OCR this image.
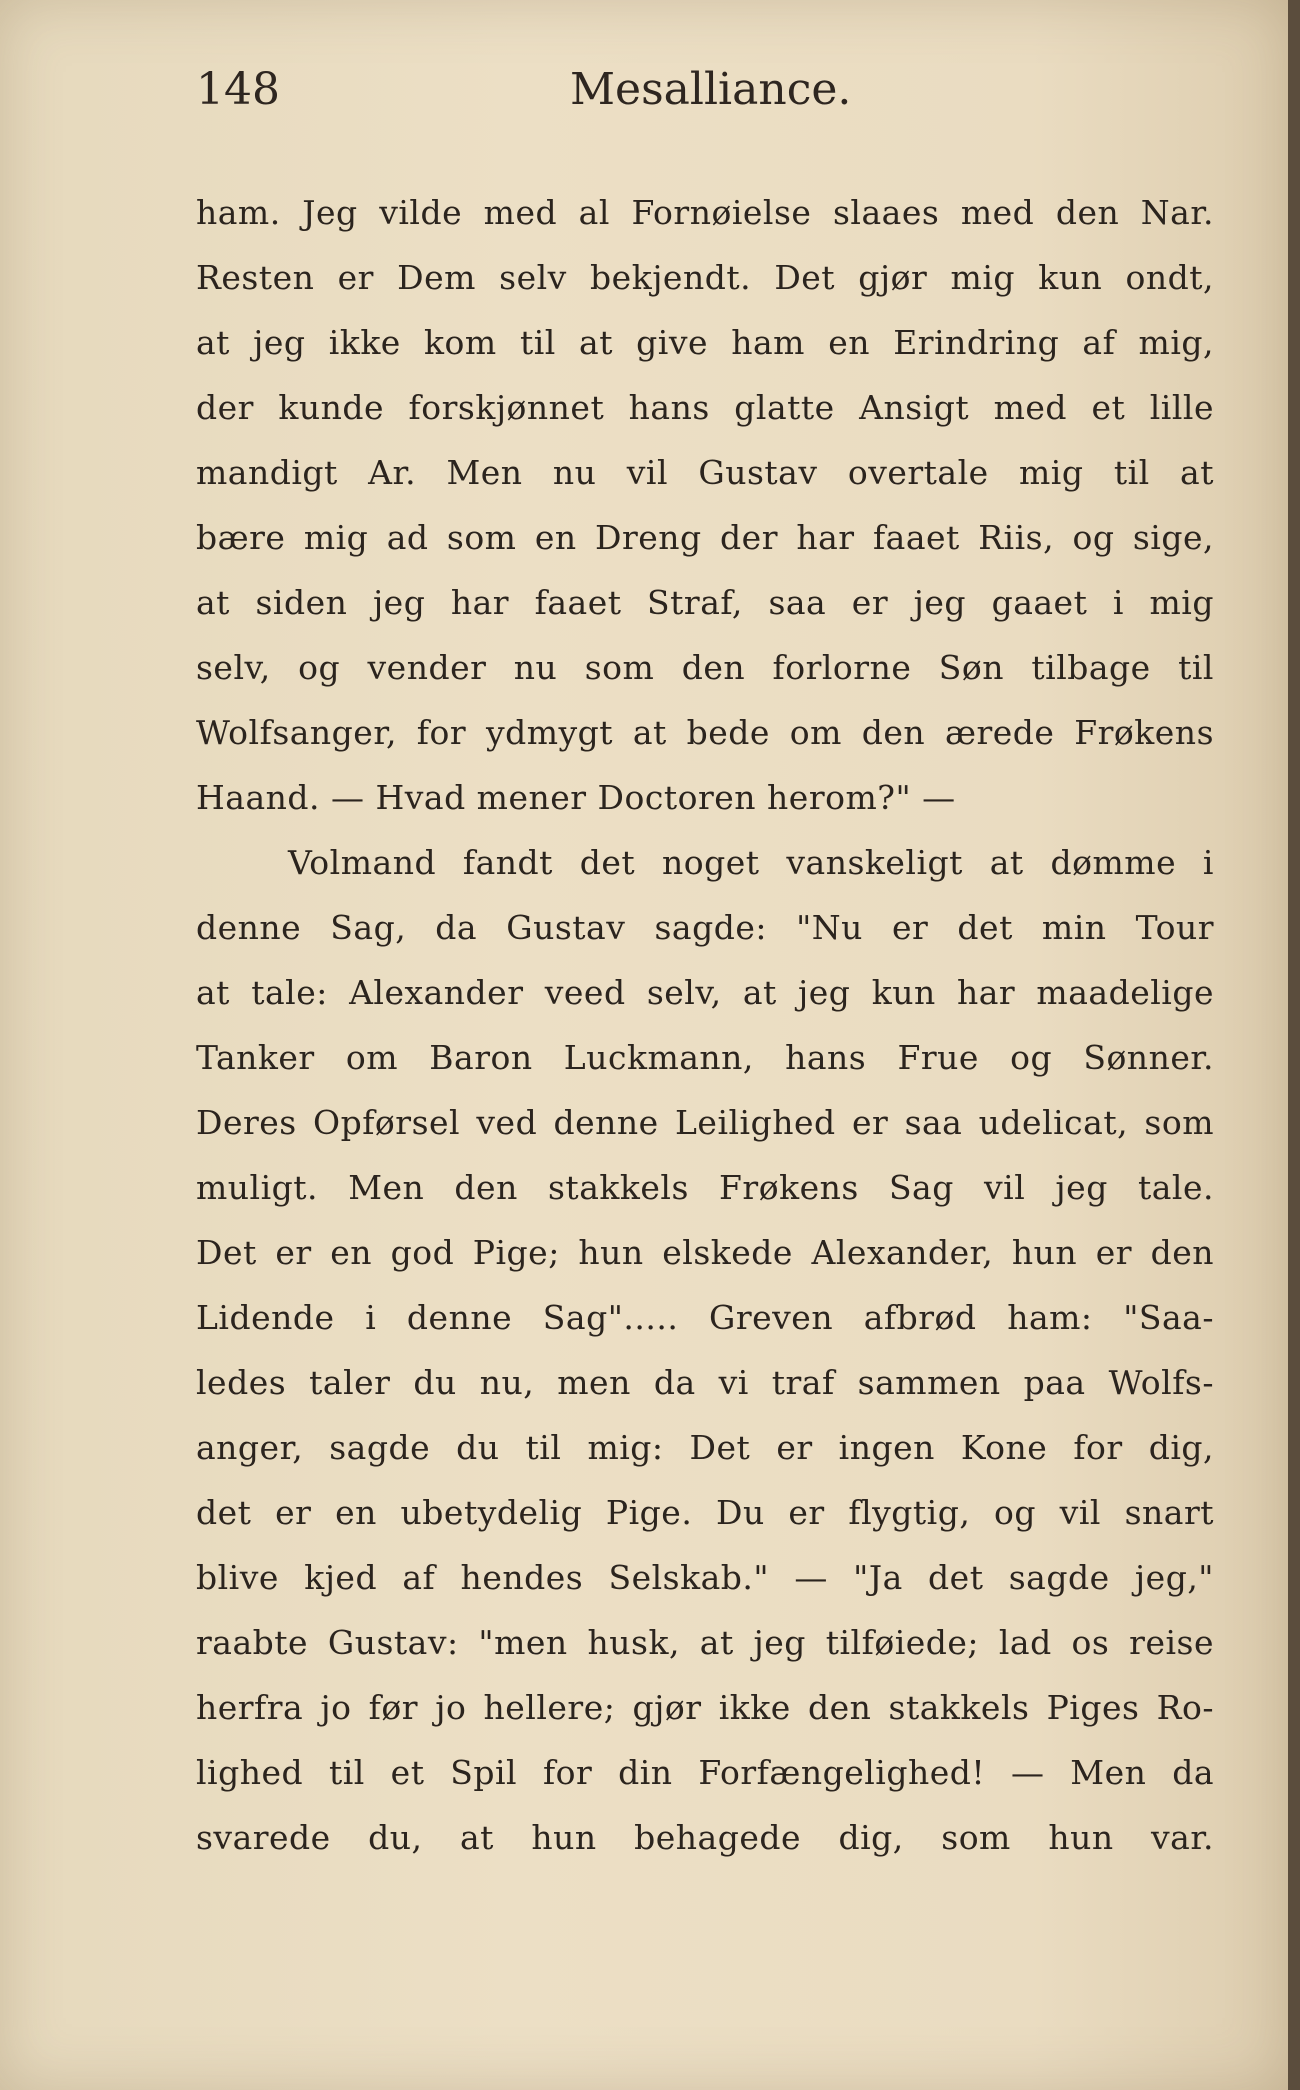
148	Mesalliance.
ham. Jeg vilde med al Fornøielse slaaes med den Nar.
Resten er Dem selv bekjendt. Det gjør mig kun ondt,
at jeg ikke kom til at give ham en Erindring af mig,
der kunde forskjønnet hans glatte Ansigt med et lille
mandigt Ar. Men nu vil Gustav overtale mig til at
bære mig ad som en Dreng der har faaet Riis, og sige,
at siden jeg har faaet Straf, saa er jeg gaaet i mig
selv, og vender nu som den forlorne Søn tilbage til
Wolfsanger, for ydmygt at bede om den ærede Frøkens
Haand. — Hvad mener Doctoren herom?" —
Volmand fandt det noget vanskeligt at dømme i
denne Sag, da Gustav sagde: "Nu er det min Tour
at tale: Alexander veed selv, at jeg kun har maadelige
Tanker om Baron Luckmann, hans Frue og Sønner.
Deres Opførsel ved denne Leilighed er saa udelicat, som
muligt. Men den stakkels Frøkens Sag vil jeg tale.
Det er en god Pige; hun elskede Alexander, hun er den
Lidende i denne Sag"..... Greven afbrød ham: "Saa-
ledes taler du nu, men da vi traf sammen paa Wolfs-
anger, sagde du til mig: Det er ingen Kone for dig,
det er en ubetydelig Pige. Du er flygtig, og vil snart
blive kjed af hendes Selskab." — "Ja det sagde jeg,"
raabte Gustav: "men husk, at jeg tilføiede; lad os reise
herfra jo før jo hellere; gjør ikke den stakkels Piges Ro-
lighed til et Spil for din Forfængelighed! — Men da
svarede du, at hun behagede dig, som hun var.
